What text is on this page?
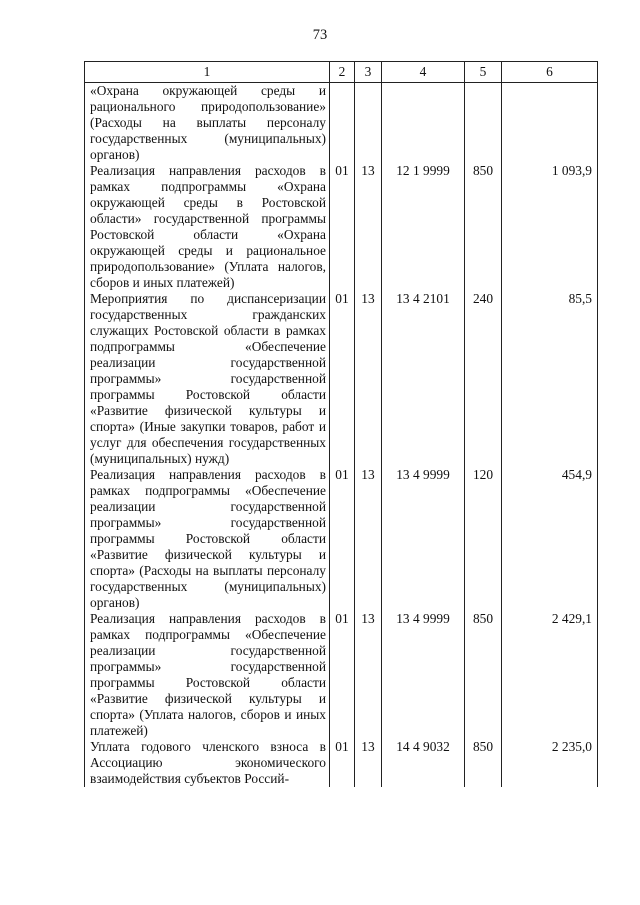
73
1	2	3	4	5	6
«Охрана окружающей среды и рационального природопользование» (Расходы на выплаты персоналу государственных (муниципальных) органов)					
Реализация направления расходов в рамках подпрограммы «Охрана окружающей среды в Ростовской области» государственной программы Ростовской области «Охрана окружающей среды и рациональное природопользование» (Уплата налогов, сборов и иных платежей)	01	13	12 1 9999	850	1 093,9
Мероприятия по диспансеризации государственных гражданских служащих Ростовской области в рамках подпрограммы «Обеспечение реализации государственной программы» государственной программы Ростовской области «Развитие физической культуры и спорта» (Иные закупки товаров, работ и услуг для обеспечения государственных (муниципальных) нужд)	01	13	13 4 2101	240	85,5
Реализация направления расходов в рамках подпрограммы «Обеспечение реализации государственной программы» государственной программы Ростовской области «Развитие физической культуры и спорта» (Расходы на выплаты персоналу государственных (муниципальных) органов)	01	13	13 4 9999	120	454,9
Реализация направления расходов в рамках подпрограммы «Обеспечение реализации государственной программы» государственной программы Ростовской области «Развитие физической культуры и спорта» (Уплата налогов, сборов и иных платежей)	01	13	13 4 9999	850	2 429,1
Уплата годового членского взноса в Ассоциацию экономического взаимодействия субъектов Россий-	01	13	14 4 9032	850	2 235,0
